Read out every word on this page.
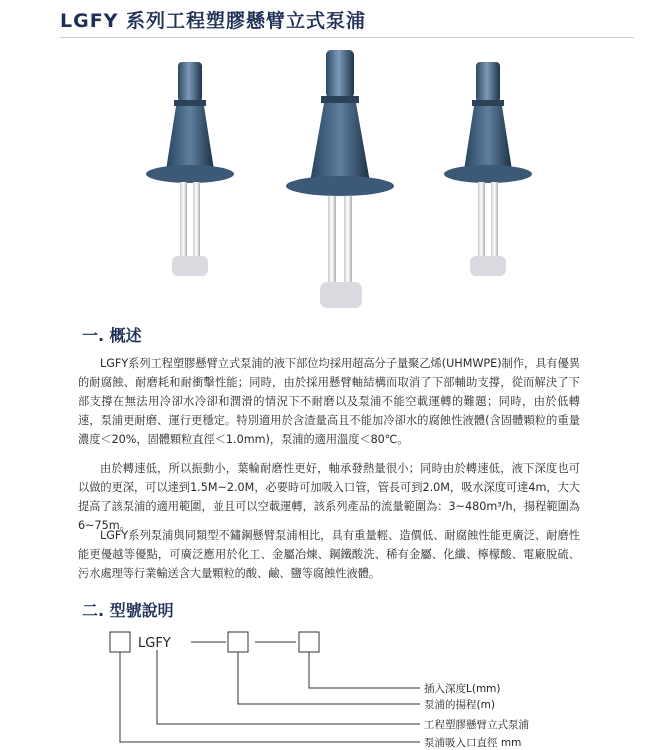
LGFY 系列工程塑膠懸臂立式泵浦
一. 概述

LGFY系列工程塑膠懸臂立式泵浦的液下部位均採用超高分子量聚乙烯(UHMWPE)制作，具有優異的耐腐蝕、耐磨耗和耐衝擊性能；同時，由於採用懸臂軸結構而取消了下部輔助支撐，從而解決了下部支撐在無法用冷卻水冷卻和潤滑的情況下不耐磨以及泵浦不能空載運轉的難題；同時，由於低轉速，泵浦更耐磨、運行更穩定。特別適用於含渣量高且不能加冷卻水的腐蝕性液體(含固體顆粒的重量濃度＜20%，固體顆粒直徑＜1.0mm)，泵浦的適用溫度＜80℃。

由於轉速低，所以振動小，葉輪耐磨性更好，軸承發熱量很小；同時由於轉速低，液下深度也可以做的更深，可以達到1.5M~2.0M，必要時可加吸入口管，管長可到2.0M，吸水深度可達4m，大大提高了該泵浦的適用範圍，並且可以空載運轉，該系列產品的流量範圍為：3~480m³/h，揚程範圍為6~75m。

LGFY系列泵浦與同類型不鏽鋼懸臂泵浦相比，具有重量輕、造價低、耐腐蝕性能更廣泛、耐磨性能更優越等優點，可廣泛應用於化工、金屬冶煉、鋼鐵酸洗、稀有金屬、化纖、檸檬酸、電廠脫硫、污水處理等行業輸送含大量顆粒的酸、鹼、鹽等腐蝕性液體。

二. 型號說明
LGFY
插入深度L(mm)
泵浦的揚程(m)
工程塑膠懸臂立式泵浦
泵浦吸入口直徑 mm
